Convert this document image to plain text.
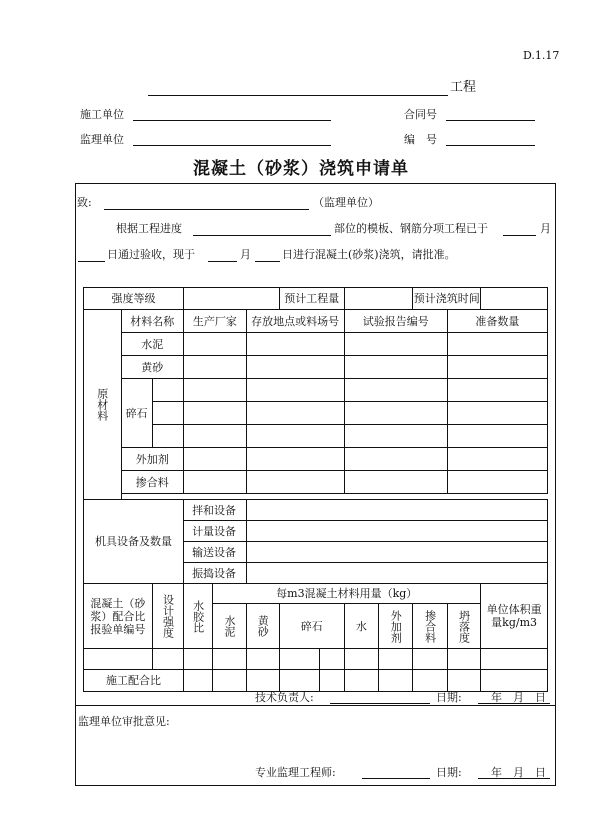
D.1.17
工程
施工单位	合同号
监理单位	编　号
混凝土（砂浆）浇筑申请单
致:	（监理单位）
根据工程进度	部位的模板、钢筋分项工程已于	月
日通过验收，现于	月	日进行混凝土(砂浆)浇筑，请批准。
强度等级						预计工程量				预计浇筑时间		
原材料	材料名称		生产厂家		存放地点或料场号			试验报告编号			准备数量	
	水泥											
	黄砂											
	碎石											

	外加剂											
	掺合料											

机具设备及数量			拌和设备									
			计量设备									
			输送设备									
			振捣设备									
混凝土（砂浆）配合比报验单编号		设计强度	水胶比	每m3混凝土材料用量（kg）								单位体积重量kg/m3
				水泥	黄砂	碎石		水	外加剂	掺合料	坍落度	

施工配合比												
技术负责人:	日期:	年　月　日
监理单位审批意见:
专业监理工程师:	日期:	年　月　日
